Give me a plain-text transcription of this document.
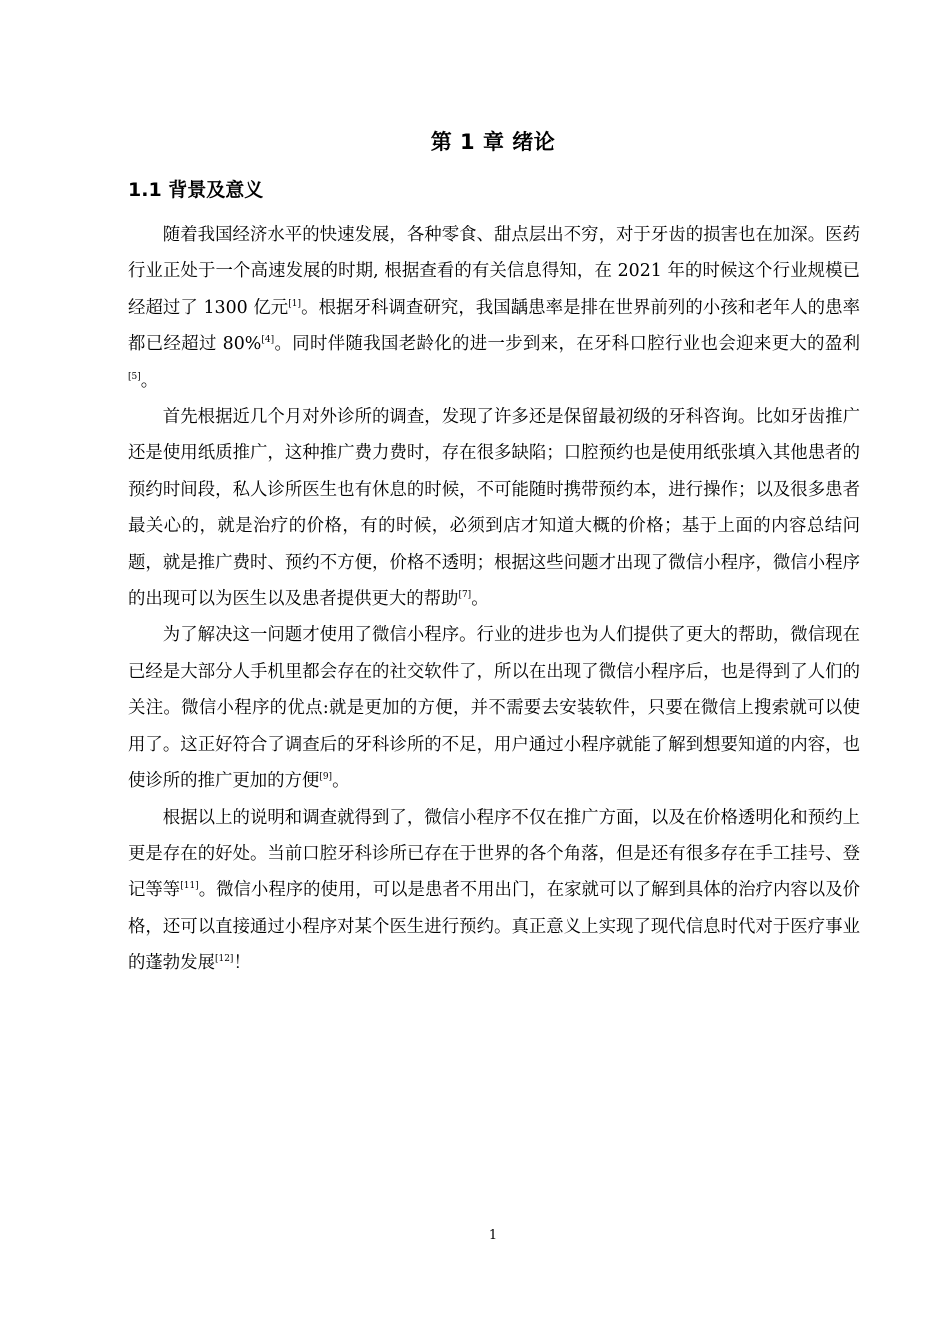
第 1 章 绪论
1.1 背景及意义

随着我国经济水平的快速发展，各种零食、甜点层出不穷，对于牙齿的损害也在加深。医药行业正处于一个高速发展的时期, 根据查看的有关信息得知，在 2021 年的时候这个行业规模已经超过了 1300 亿元[1]。根据牙科调查研究，我国龋患率是排在世界前列的小孩和老年人的患率都已经超过 80%[4]。同时伴随我国老龄化的进一步到来，在牙科口腔行业也会迎来更大的盈利[5]。

首先根据近几个月对外诊所的调查，发现了许多还是保留最初级的牙科咨询。比如牙齿推广还是使用纸质推广，这种推广费力费时，存在很多缺陷；口腔预约也是使用纸张填入其他患者的预约时间段，私人诊所医生也有休息的时候，不可能随时携带预约本，进行操作；以及很多患者最关心的，就是治疗的价格，有的时候，必须到店才知道大概的价格；基于上面的内容总结问题，就是推广费时、预约不方便，价格不透明；根据这些问题才出现了微信小程序，微信小程序的出现可以为医生以及患者提供更大的帮助[7]。

为了解决这一问题才使用了微信小程序。行业的进步也为人们提供了更大的帮助，微信现在已经是大部分人手机里都会存在的社交软件了，所以在出现了微信小程序后，也是得到了人们的关注。微信小程序的优点:就是更加的方便，并不需要去安装软件，只要在微信上搜索就可以使用了。这正好符合了调查后的牙科诊所的不足，用户通过小程序就能了解到想要知道的内容，也使诊所的推广更加的方便[9]。

根据以上的说明和调查就得到了，微信小程序不仅在推广方面，以及在价格透明化和预约上更是存在的好处。当前口腔牙科诊所已存在于世界的各个角落，但是还有很多存在手工挂号、登记等等[11]。微信小程序的使用，可以是患者不用出门，在家就可以了解到具体的治疗内容以及价格，还可以直接通过小程序对某个医生进行预约。真正意义上实现了现代信息时代对于医疗事业的蓬勃发展[12]！

1
